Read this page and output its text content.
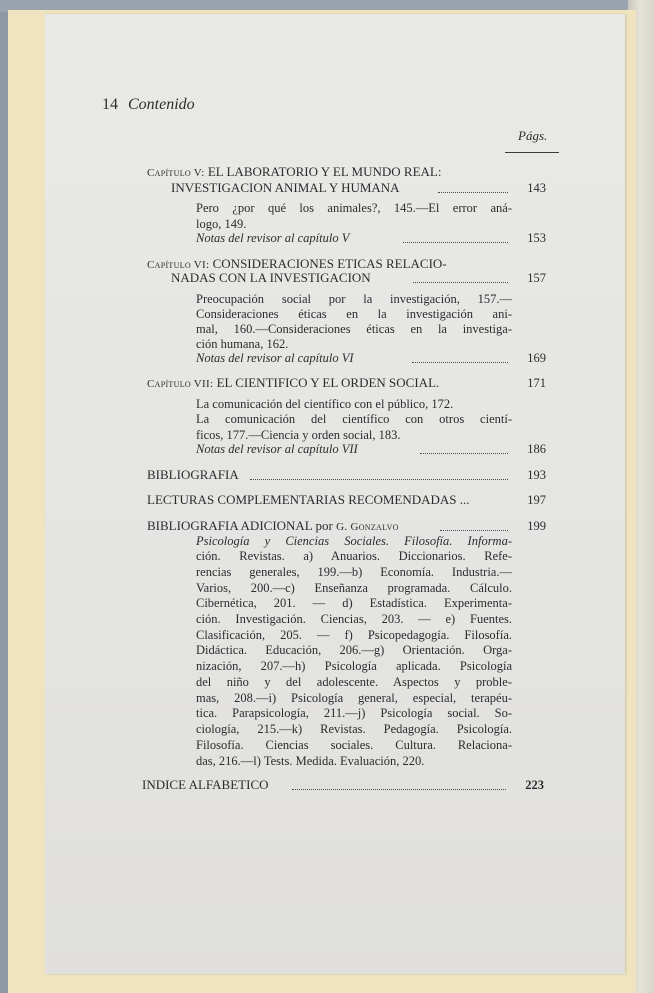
14 Contenido
Págs.
Capítulo V: EL LABORATORIO Y EL MUNDO REAL:
INVESTIGACION ANIMAL Y HUMANA	143
Pero ¿por qué los animales?, 145.—El error aná-
logo, 149.
Notas del revisor al capítulo V	153
Capítulo VI: CONSIDERACIONES ETICAS RELACIO-
NADAS CON LA INVESTIGACION	157
Preocupación social por la investigación, 157.—
Consideraciones éticas en la investigación ani-
mal, 160.—Consideraciones éticas en la investiga-
ción humana, 162.
Notas del revisor al capítulo VI	169
Capítulo VII: EL CIENTIFICO Y EL ORDEN SOCIAL.	171
La comunicación del científico con el público, 172.
La comunicación del científico con otros cientí-
ficos, 177.—Ciencia y orden social, 183.
Notas del revisor al capítulo VII	186
BIBLIOGRAFIA	193
LECTURAS COMPLEMENTARIAS RECOMENDADAS ...	197
BIBLIOGRAFIA ADICIONAL por G. Gonzalvo	199
Psicología y Ciencias Sociales. Filosofía. Informa-
ción. Revistas. a) Anuarios. Diccionarios. Refe-
rencias generales, 199.—b) Economía. Industria.—
Varios, 200.—c) Enseñanza programada. Cálculo.
Cibernética, 201. — d) Estadística. Experimenta-
ción. Investigación. Ciencias, 203. — e) Fuentes.
Clasificación, 205. — f) Psicopedagogía. Filosofía.
Didáctica. Educación, 206.—g) Orientación. Orga-
nización, 207.—h) Psicología aplicada. Psicología
del niño y del adolescente. Aspectos y proble-
mas, 208.—i) Psicología general, especial, terapéu-
tica. Parapsicología, 211.—j) Psicología social. So-
ciología, 215.—k) Revistas. Pedagogía. Psicología.
Filosofía. Ciencias sociales. Cultura. Relaciona-
das, 216.—l) Tests. Medida. Evaluación, 220.
INDICE ALFABETICO	223
